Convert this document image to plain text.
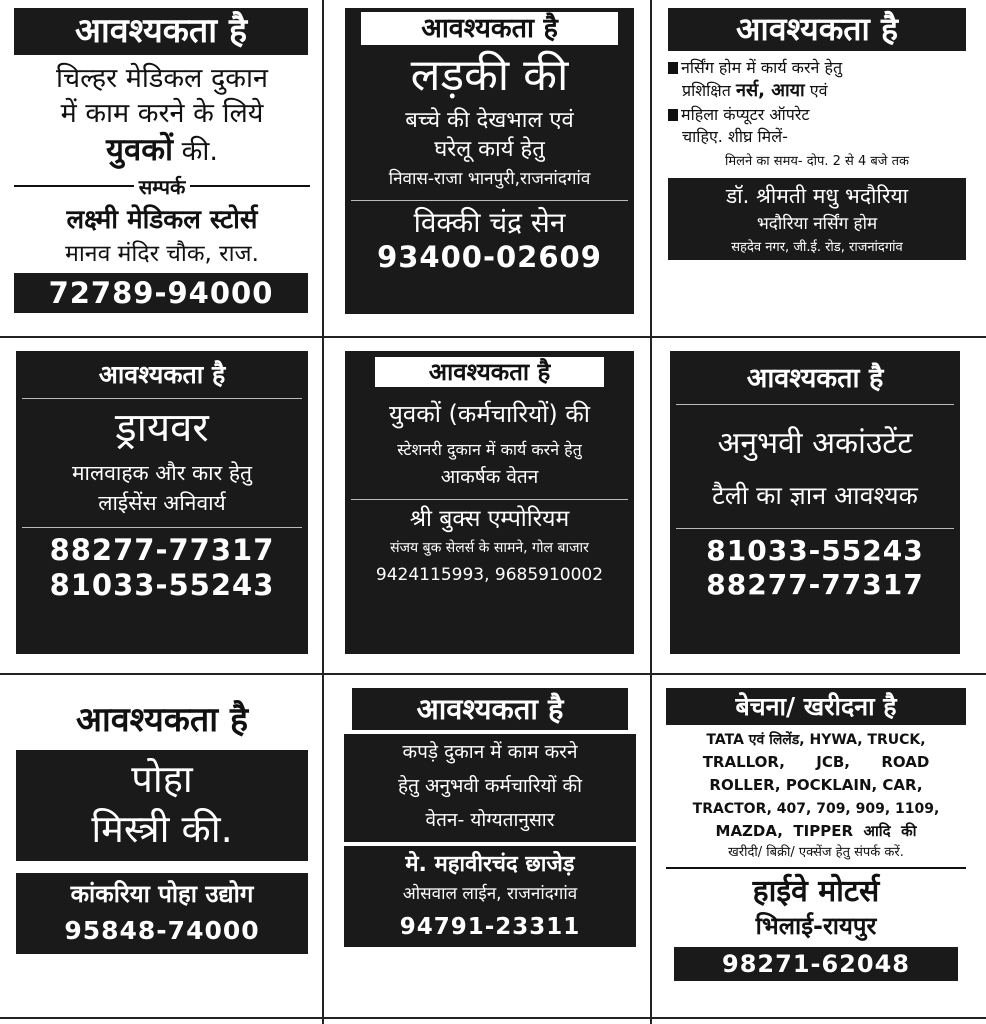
आवश्यकता है
चिल्हर मेडिकल दुकान
में काम करने के लिये
युवकों की.
सम्पर्क
लक्ष्मी मेडिकल स्टोर्स
मानव मंदिर चौक, राज.
72789-94000
आवश्यकता है
लड़की की
बच्चे की देखभाल एवं
घरेलू कार्य हेतु
निवास-राजा भानपुरी,राजनांदगांव
विक्की चंद्र सेन
93400-02609
आवश्यकता है
नर्सिंग होम में कार्य करने हेतु
प्रशिक्षित नर्स, आया एवं
महिला कंप्यूटर ऑपरेट
चाहिए. शीघ्र मिलें-
मिलने का समय- दोप. 2 से 4 बजे तक
डॉ. श्रीमती मधु भदौरिया
भदौरिया नर्सिंग होम
सहदेव नगर, जी.ई. रोड, राजनांदगांव
आवश्यकता है
ड्रायवर
मालवाहक और कार हेतु
लाईसेंस अनिवार्य
88277-77317
81033-55243
आवश्यकता है
युवकों (कर्मचारियों) की
स्टेशनरी दुकान में कार्य करने हेतु
आकर्षक वेतन
श्री बुक्स एम्पोरियम
संजय बुक सेलर्स के सामने, गोल बाजार
9424115993, 9685910002
आवश्यकता है
अनुभवी अकांउटेंट
टैली का ज्ञान आवश्यक
81033-55243
88277-77317
आवश्यकता है
पोहा
मिस्त्री की.
कांकरिया पोहा उद्योग
95848-74000
आवश्यकता है
कपड़े दुकान में काम करने
हेतु अनुभवी कर्मचारियों की
वेतन- योग्यतानुसार
मे. महावीरचंद छाजेड़
ओसवाल लाईन, राजनांदगांव
94791-23311
बेचना/ खरीदना है
TATA एवं लिलेंड, HYWA, TRUCK,
TRALLOR,      JCB,      ROAD
ROLLER, POCKLAIN, CAR,
TRACTOR, 407, 709, 909, 1109,
MAZDA,  TIPPER  आदि  की
खरीदी/ बिक्री/ एक्सेंज हेतु संपर्क करें.
हाईवे मोटर्स
भिलाई-रायपुर
98271-62048
